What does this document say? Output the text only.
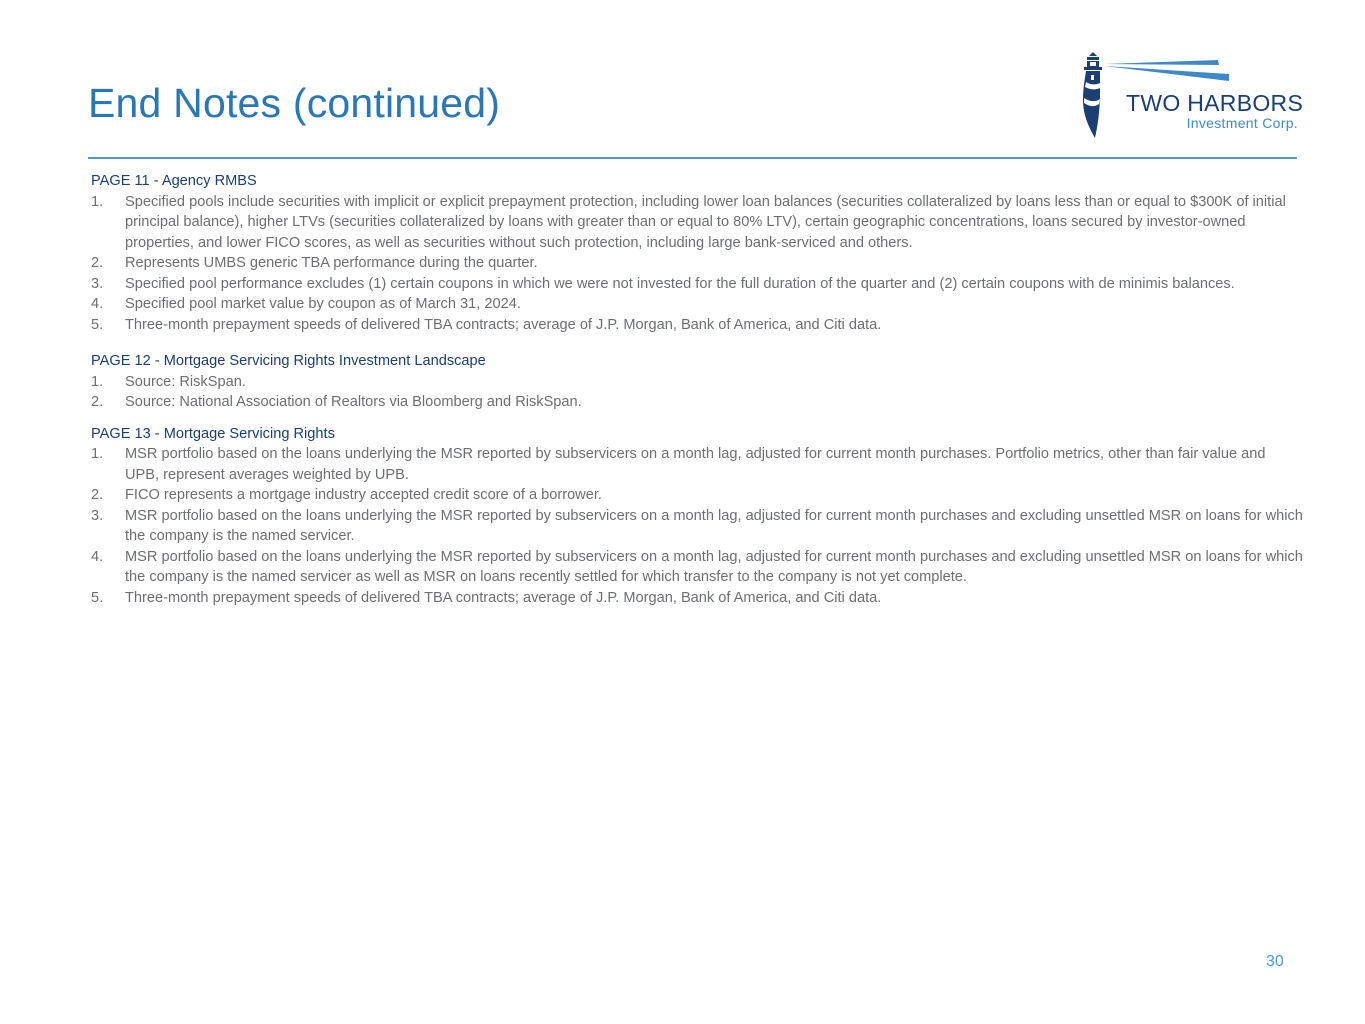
End Notes (continued)	TWO HARBORS
Investment Corp.
PAGE 11 - Agency RMBS
1. Specified pools include securities with implicit or explicit prepayment protection, including lower loan balances (securities collateralized by loans less than or equal to $300K of initial principal balance), higher LTVs (securities collateralized by loans with greater than or equal to 80% LTV), certain geographic concentrations, loans secured by investor-owned properties, and lower FICO scores, as well as securities without such protection, including large bank-serviced and others.
2. Represents UMBS generic TBA performance during the quarter.
3. Specified pool performance excludes (1) certain coupons in which we were not invested for the full duration of the quarter and (2) certain coupons with de minimis balances.
4. Specified pool market value by coupon as of March 31, 2024.
5. Three-month prepayment speeds of delivered TBA contracts; average of J.P. Morgan, Bank of America, and Citi data.
PAGE 12 - Mortgage Servicing Rights Investment Landscape
1. Source: RiskSpan.
2. Source: National Association of Realtors via Bloomberg and RiskSpan.
PAGE 13 - Mortgage Servicing Rights
1. MSR portfolio based on the loans underlying the MSR reported by subservicers on a month lag, adjusted for current month purchases. Portfolio metrics, other than fair value and UPB, represent averages weighted by UPB.
2. FICO represents a mortgage industry accepted credit score of a borrower.
3. MSR portfolio based on the loans underlying the MSR reported by subservicers on a month lag, adjusted for current month purchases and excluding unsettled MSR on loans for which the company is the named servicer.
4. MSR portfolio based on the loans underlying the MSR reported by subservicers on a month lag, adjusted for current month purchases and excluding unsettled MSR on loans for which the company is the named servicer as well as MSR on loans recently settled for which transfer to the company is not yet complete.
5. Three-month prepayment speeds of delivered TBA contracts; average of J.P. Morgan, Bank of America, and Citi data.
30
